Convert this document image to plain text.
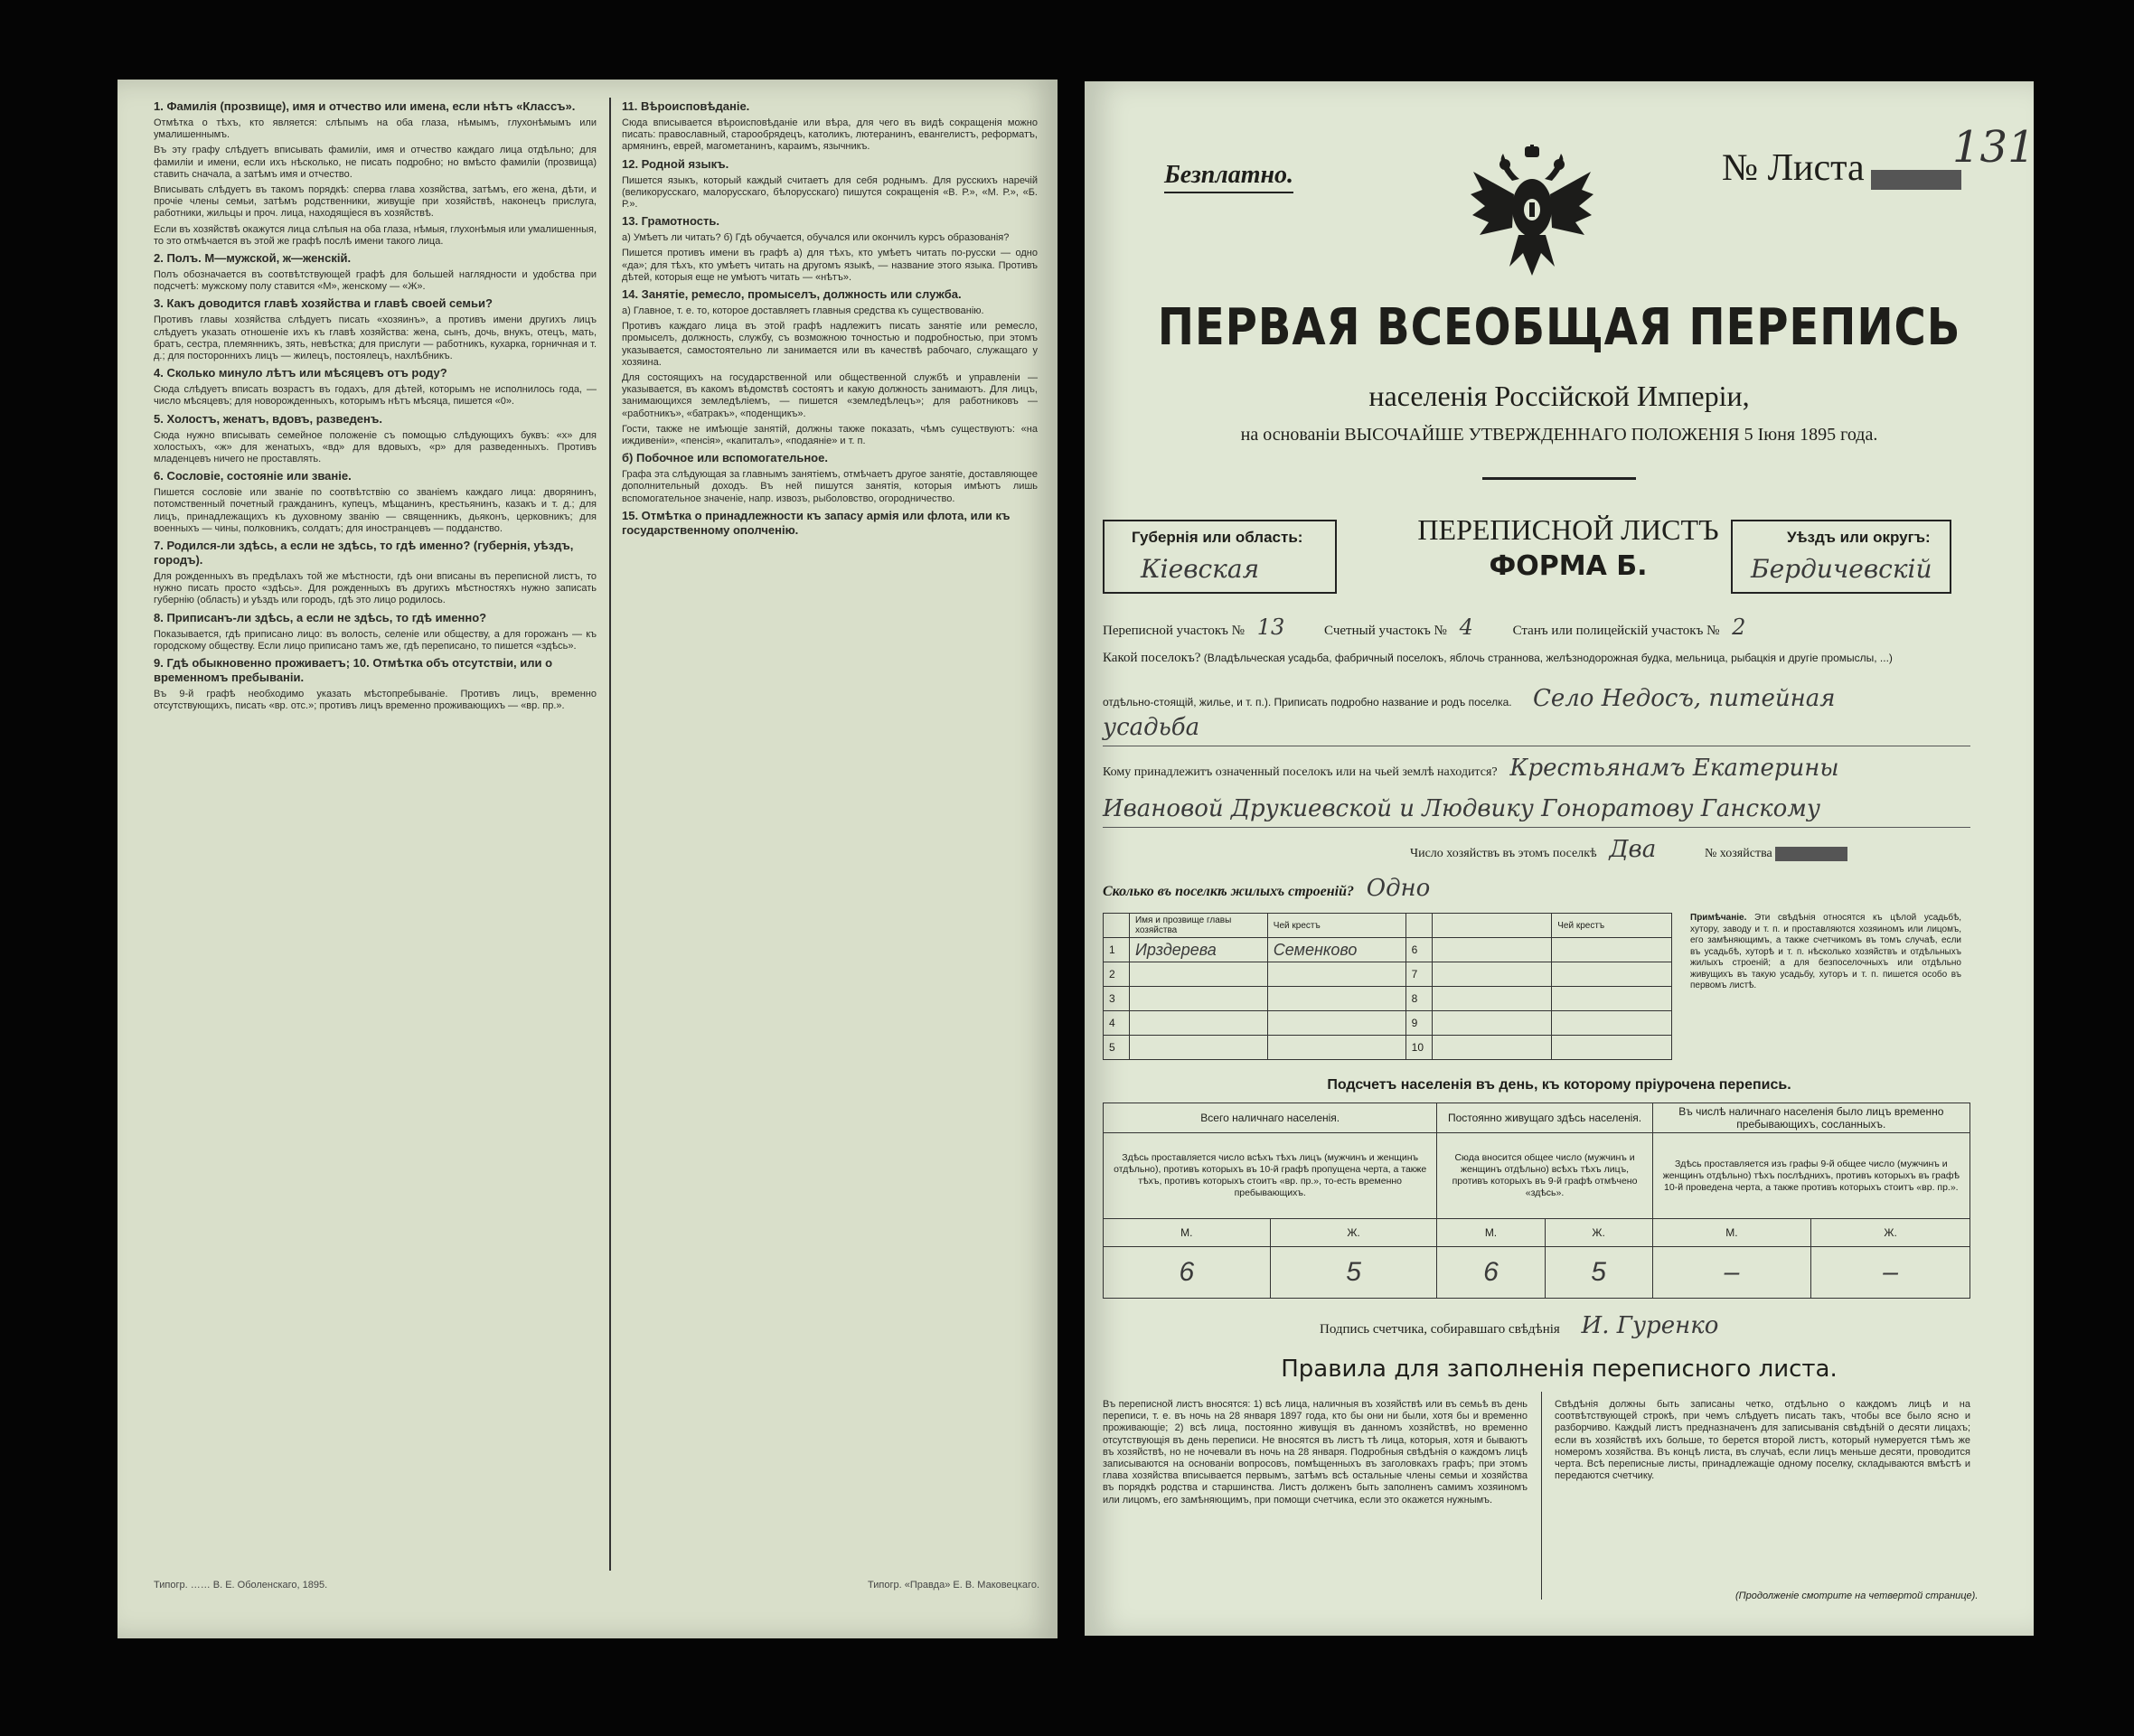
1. Фамилія (прозвище), имя и отчество или имена, если нѣтъ «Классъ».

Отмѣтка о тѣхъ, кто является: слѣпымъ на оба глаза, нѣмымъ, глухонѣмымъ или умалишеннымъ.

Въ эту графу слѣдуетъ вписывать фамиліи, имя и отчество каждаго лица отдѣльно; для фамиліи и имени, если ихъ нѣсколько, не писать подробно; но вмѣсто фамиліи (прозвища) ставить сначала, а затѣмъ имя и отчество.

Вписывать слѣдуетъ въ такомъ порядкѣ: сперва глава хозяйства, затѣмъ, его жена, дѣти, и прочіе члены семьи, затѣмъ родственники, живущіе при хозяйствѣ, наконецъ прислуга, работники, жильцы и проч. лица, находящіеся въ хозяйствѣ.

Если въ хозяйствѣ окажутся лица слѣпыя на оба глаза, нѣмыя, глухонѣмыя или умалишенныя, то это отмѣчается въ этой же графѣ послѣ имени такого лица.

2. Полъ. М—мужской, ж—женскій.

Полъ обозначается въ соотвѣтствующей графѣ для большей наглядности и удобства при подсчетѣ: мужскому полу ставится «М», женскому — «Ж».

3. Какъ доводится главѣ хозяйства и главѣ своей семьи?

Противъ главы хозяйства слѣдуетъ писать «хозяинъ», а противъ имени другихъ лицъ слѣдуетъ указать отношеніе ихъ къ главѣ хозяйства: жена, сынъ, дочь, внукъ, отецъ, мать, братъ, сестра, племянникъ, зять, невѣстка; для прислуги — работникъ, кухарка, горничная и т. д.; для постороннихъ лицъ — жилецъ, постоялецъ, нахлѣбникъ.

4. Сколько минуло лѣтъ или мѣсяцевъ отъ роду?

Сюда слѣдуетъ вписать возрастъ въ годахъ, для дѣтей, которымъ не исполнилось года, — число мѣсяцевъ; для новорожденныхъ, которымъ нѣтъ мѣсяца, пишется «0».

5. Холостъ, женатъ, вдовъ, разведенъ.

Сюда нужно вписывать семейное положеніе съ помощью слѣдующихъ буквъ: «х» для холостыхъ, «ж» для женатыхъ, «вд» для вдовыхъ, «р» для разведенныхъ. Противъ младенцевъ ничего не проставлять.

6. Сословіе, состояніе или званіе.

Пишется сословіе или званіе по соотвѣтствію со званіемъ каждаго лица: дворянинъ, потомственный почетный гражданинъ, купецъ, мѣщанинъ, крестьянинъ, казакъ и т. д.; для лицъ, принадлежащихъ къ духовному званію — священникъ, дьяконъ, церковникъ; для военныхъ — чины, полковникъ, солдатъ; для иностранцевъ — подданство.

7. Родился-ли здѣсь, а если не здѣсь, то гдѣ именно? (губернія, уѣздъ, городъ).

Для рожденныхъ въ предѣлахъ той же мѣстности, гдѣ они вписаны въ переписной листъ, то нужно писать просто «здѣсь». Для рожденныхъ въ другихъ мѣстностяхъ нужно записать губернію (область) и уѣздъ или городъ, гдѣ это лицо родилось.

8. Приписанъ-ли здѣсь, а если не здѣсь, то гдѣ именно?

Показывается, гдѣ приписано лицо: въ волость, селеніе или обществу, а для горожанъ — къ городскому обществу. Если лицо приписано тамъ же, гдѣ переписано, то пишется «здѣсь».

9. Гдѣ обыкновенно проживаетъ; 10. Отмѣтка объ отсутствіи, или о временномъ пребываніи.

Въ 9-й графѣ необходимо указать мѣстопребываніе. Противъ лицъ, временно отсутствующихъ, писать «вр. отс.»; противъ лицъ временно проживающихъ — «вр. пр.».

11. Вѣроисповѣданіе.

Сюда вписывается вѣроисповѣданіе или вѣра, для чего въ видѣ сокращенія можно писать: православный, старообрядецъ, католикъ, лютеранинъ, евангелистъ, реформатъ, армянинъ, еврей, магометанинъ, караимъ, язычникъ.

12. Родной языкъ.

Пишется языкъ, который каждый считаетъ для себя роднымъ. Для русскихъ наречій (великорусскаго, малорусскаго, бѣлорусскаго) пишутся сокращенія «В. Р.», «М. Р.», «Б. Р.».

13. Грамотность.

а) Умѣетъ ли читать? б) Гдѣ обучается, обучался или окончилъ курсъ образованія?

Пишется противъ имени въ графѣ а) для тѣхъ, кто умѣетъ читать по-русски — одно «да»; для тѣхъ, кто умѣетъ читать на другомъ языкѣ, — название этого языка. Противъ дѣтей, которыя еще не умѣютъ читать — «нѣтъ».

14. Занятіе, ремесло, промыселъ, должность или служба.

а) Главное, т. е. то, которое доставляетъ главныя средства къ существованію.

Противъ каждаго лица въ этой графѣ надлежитъ писать занятіе или ремесло, промыселъ, должность, службу, съ возможною точностью и подробностью, при этомъ указывается, самостоятельно ли занимается или въ качествѣ рабочаго, служащаго у хозяина.

Для состоящихъ на государственной или общественной службѣ и управленіи — указывается, въ какомъ вѣдомствѣ состоятъ и какую должность занимаютъ. Для лицъ, занимающихся земледѣліемъ, — пишется «земледѣлецъ»; для работниковъ — «работникъ», «батракъ», «поденщикъ».

Гости, также не имѣющіе занятій, должны также показать, чѣмъ существуютъ: «на иждивеніи», «пенсія», «капиталъ», «подаяніе» и т. п.

б) Побочное или вспомогательное.

Графа эта слѣдующая за главнымъ занятіемъ, отмѣчаетъ другое занятіе, доставляющее дополнительный доходъ. Въ ней пишутся занятія, которыя имѣютъ лишь вспомогательное значеніе, напр. извозъ, рыболовство, огородничество.

15. Отмѣтка о принадлежности къ запасу армія или флота, или къ государственному ополченію.

Типогр. …… В. Е. Оболенскаго, 1895.	Типогр. «Правда» Е. В. Маковецкаго.
Безплатно.	№ Листа 131
ПЕРВАЯ ВСЕОБЩАЯ ПЕРЕПИСЬ
населенія Россійской Имперіи,
на основаніи ВЫСОЧАЙШЕ УТВЕРЖДЕННАГО ПОЛОЖЕНІЯ 5 Іюня 1895 года.
Губернія или область:
Кіевская
ПЕРЕПИСНОЙ ЛИСТЪ
ФОРМА Б.
Уѣздъ или округъ:
Бердичевскій
Переписной участокъ № 13	Счетный участокъ № 4	Станъ или полицейскій участокъ № 2
Какой поселокъ? (Владѣльческая усадьба, фабричный поселокъ, яблочь страннова, желѣзнодорожная будка, мельница, рыбацкія и другіе промыслы, ...)
отдѣльно-стоящій, жилье, и т. п.). Приписать подробно название и родъ поселка. Село Недосъ, питейная
усадьба
Кому принадлежитъ означенный поселокъ или на чьей землѣ находится? Крестьянамъ Екатерины
Ивановой Друкиевской и Людвику Гоноратову Ганскому
Число хозяйствъ въ этомъ поселкѣ Два	№ хозяйства
Сколько въ поселкѣ жилыхъ строеній? Одно
	Имя и прозвище главы хозяйства	Чей крестъ			Чей крестъ
1	Ирздерева	Семенково	6		
2			7		
3			8		
4			9		
5			10		
Примѣчаніе. Эти свѣдѣнія относятся къ цѣлой усадьбѣ, хутору, заводу и т. п. и проставляются хозяиномъ или лицомъ, его замѣняющимъ, а также счетчикомъ въ томъ случаѣ, если въ усадьбѣ, хуторѣ и т. п. нѣсколько хозяйствъ и отдѣльныхъ жилыхъ строеній; а для безпоселочныхъ или отдѣльно живущихъ въ такую усадьбу, хуторъ и т. п. пишется особо въ первомъ листѣ.
Подсчетъ населенія въ день, къ которому пріурочена перепись.
Всего наличнаго населенія.		Постоянно живущаго здѣсь населенія.		Въ числѣ наличнаго населенія было лицъ временно пребывающихъ, сосланныхъ.	
Здѣсь проставляется число всѣхъ тѣхъ лицъ (мужчинъ и женщинъ отдѣльно), противъ которыхъ въ 10-й графѣ пропущена черта, а также тѣхъ, противъ которыхъ стоитъ «вр. пр.», то-есть временно пребывающихъ.		Сюда вносится общее число (мужчинъ и женщинъ отдѣльно) всѣхъ тѣхъ лицъ, противъ которыхъ въ 9-й графѣ отмѣчено «здѣсь».		Здѣсь проставляется изъ графы 9-й общее число (мужчинъ и женщинъ отдѣльно) тѣхъ послѣднихъ, противъ которыхъ въ графѣ 10-й проведена черта, а также противъ которыхъ стоитъ «вр. пр.».	
М.	Ж.	М.	Ж.	М.	Ж.
6	5	6	5	–	–
Подпись счетчика, собиравшаго свѣдѣнія И. Гуренко
Правила для заполненія переписного листа.

Въ переписной листъ вносятся: 1) всѣ лица, наличныя въ хозяйствѣ или въ семьѣ въ день переписи, т. е. въ ночь на 28 января 1897 года, кто бы они ни были, хотя бы и временно проживающіе; 2) всѣ лица, постоянно живущія въ данномъ хозяйствѣ, но временно отсутствующія въ день переписи. Не вносятся въ листъ тѣ лица, которыя, хотя и бываютъ въ хозяйствѣ, но не ночевали въ ночь на 28 января. Подробныя свѣдѣнія о каждомъ лицѣ записываются на основаніи вопросовъ, помѣщенныхъ въ заголовкахъ графъ; при этомъ глава хозяйства вписывается первымъ, затѣмъ всѣ остальные члены семьи и хозяйства въ порядкѣ родства и старшинства. Листъ долженъ быть заполненъ самимъ хозяиномъ или лицомъ, его замѣняющимъ, при помощи счетчика, если это окажется нужнымъ.

Свѣдѣнія должны быть записаны четко, отдѣльно о каждомъ лицѣ и на соотвѣтствующей строкѣ, при чемъ слѣдуетъ писать такъ, чтобы все было ясно и разборчиво. Каждый листъ предназначенъ для записыванія свѣдѣній о десяти лицахъ; если въ хозяйствѣ ихъ больше, то берется второй листъ, который нумеруется тѣмъ же номеромъ хозяйства. Въ концѣ листа, въ случаѣ, если лицъ меньше десяти, проводится черта. Всѣ переписные листы, принадлежащіе одному поселку, складываются вмѣстѣ и передаются счетчику.

(Продолженіе смотрите на четвертой странице).
